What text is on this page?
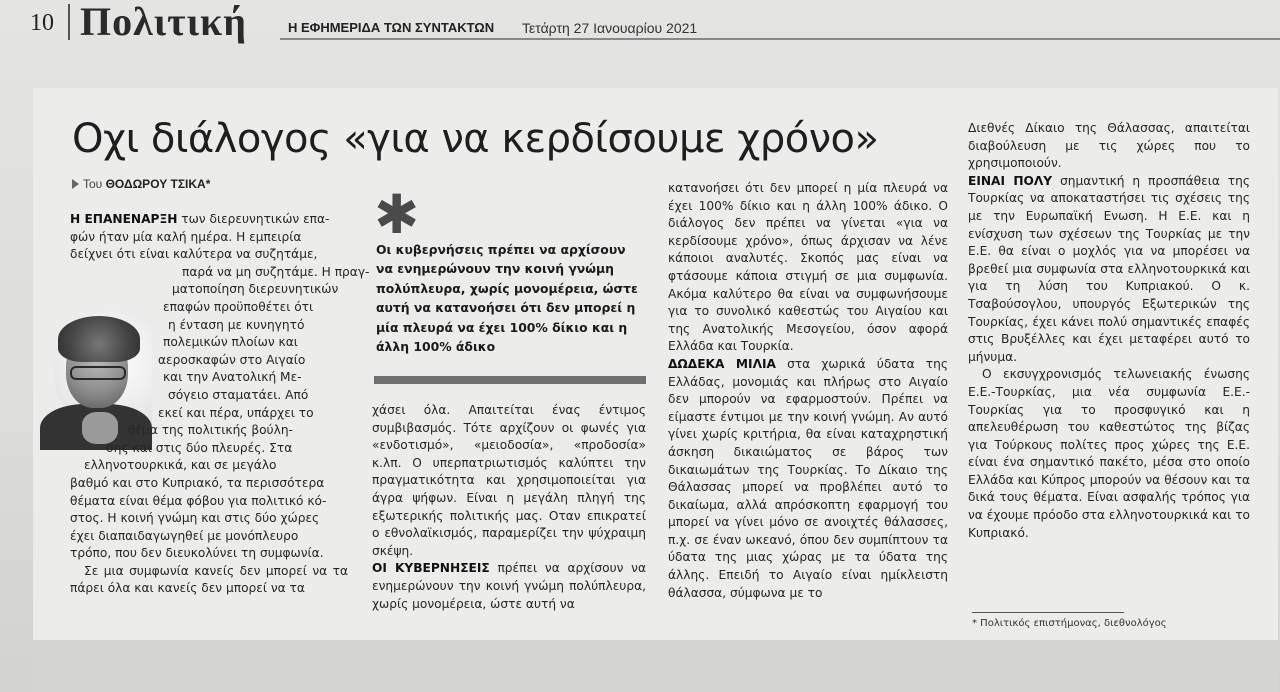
10 Πολιτική	Η ΕΦΗΜΕΡΙΔΑ ΤΩΝ ΣΥΝΤΑΚΤΩΝ Τετάρτη 27 Ιανουαρίου 2021
Οχι διάλογος «για να κερδίσουμε χρόνο»
Του ΘΟΔΩΡΟΥ ΤΣΙΚΑ*

Η ΕΠΑΝΕΝΑΡΞΗ των διερευνητικών επα-
φών ήταν μία καλή ημέρα. Η εμπειρία
δείχνει ότι είναι καλύτερα να συζητάμε,
παρά να μη συζητάμε. Η πραγ-
ματοποίηση διερευνητικών
επαφών προϋποθέτει ότι
η ένταση με κυνηγητό
πολεμικών πλοίων και
αεροσκαφών στο Αιγαίο
και την Ανατολική Με-
σόγειο σταματάει. Από
εκεί και πέρα, υπάρχει το
θέμα της πολιτικής βούλη-
σης και στις δύο πλευρές. Στα
ελληνοτουρκικά, και σε μεγάλο
βαθμό και στο Κυπριακό, τα περισσότερα
θέματα είναι θέμα φόβου για πολιτικό κό-
στος. Η κοινή γνώμη και στις δύο χώρες
έχει διαπαιδαγωγηθεί με μονόπλευρο
τρόπο, που δεν διευκολύνει τη συμφωνία.

Σε μια συμφωνία κανείς δεν μπορεί να τα πάρει όλα και κανείς δεν μπορεί να τα

✱
Οι κυβερνήσεις πρέπει να αρχίσουν να ενημερώνουν την κοινή γνώμη πολύπλευρα, χωρίς μονομέρεια, ώστε αυτή να κατανοήσει ότι δεν μπορεί η μία πλευρά να έχει 100% δίκιο και η άλλη 100% άδικο

χάσει όλα. Απαιτείται ένας έντιμος συμβιβασμός. Τότε αρχίζουν οι φωνές για «ενδοτισμό», «μειοδοσία», «προδοσία» κ.λπ. Ο υπερπατριωτισμός καλύπτει την πραγματικότητα και χρησιμοποιείται για άγρα ψήφων. Είναι η μεγάλη πληγή της εξωτερικής πολιτικής μας. Οταν επικρατεί ο εθνολαϊκισμός, παραμερίζει την ψύχραιμη σκέψη.

ΟΙ ΚΥΒΕΡΝΗΣΕΙΣ πρέπει να αρχίσουν να ενημερώνουν την κοινή γνώμη πολύπλευρα, χωρίς μονομέρεια, ώστε αυτή να

κατανοήσει ότι δεν μπορεί η μία πλευρά να έχει 100% δίκιο και η άλλη 100% άδικο. Ο διάλογος δεν πρέπει να γίνεται «για να κερδίσουμε χρόνο», όπως άρχισαν να λένε κάποιοι αναλυτές. Σκοπός μας είναι να φτάσουμε κάποια στιγμή σε μια συμφωνία. Ακόμα καλύτερο θα είναι να συμφωνήσουμε για το συνολικό καθεστώς του Αιγαίου και της Ανατολικής Μεσογείου, όσον αφορά Ελλάδα και Τουρκία.

ΔΩΔΕΚΑ ΜΙΛΙΑ στα χωρικά ύδατα της Ελλάδας, μονομιάς και πλήρως στο Αιγαίο δεν μπορούν να εφαρμοστούν. Πρέπει να είμαστε έντιμοι με την κοινή γνώμη. Αν αυτό γίνει χωρίς κριτήρια, θα είναι καταχρηστική άσκηση δικαιώματος σε βάρος των δικαιωμάτων της Τουρκίας. Το Δίκαιο της Θάλασσας μπορεί να προβλέπει αυτό το δικαίωμα, αλλά απρόσκοπτη εφαρμογή του μπορεί να γίνει μόνο σε ανοιχτές θάλασσες, π.χ. σε έναν ωκεανό, όπου δεν συμπίπτουν τα ύδατα της μιας χώρας με τα ύδατα της άλλης. Επειδή το Αιγαίο είναι ημίκλειστη θάλασσα, σύμφωνα με το

Διεθνές Δίκαιο της Θάλασσας, απαιτείται διαβούλευση με τις χώρες που το χρησιμοποιούν.

ΕΙΝΑΙ ΠΟΛΥ σημαντική η προσπάθεια της Τουρκίας να αποκαταστήσει τις σχέσεις της με την Ευρωπαϊκή Ενωση. Η Ε.Ε. και η ενίσχυση των σχέσεων της Τουρκίας με την Ε.Ε. θα είναι ο μοχλός για να μπορέσει να βρεθεί μια συμφωνία στα ελληνοτουρκικά και για τη λύση του Κυπριακού. Ο κ. Τσαβούσογλου, υπουργός Εξωτερικών της Τουρκίας, έχει κάνει πολύ σημαντικές επαφές στις Βρυξέλλες και έχει μεταφέρει αυτό το μήνυμα.

Ο εκσυγχρονισμός τελωνειακής ένωσης Ε.Ε.-Τουρκίας, μια νέα συμφωνία Ε.Ε.-Τουρκίας για το προσφυγικό και η απελευθέρωση του καθεστώτος της βίζας για Τούρκους πολίτες προς χώρες της Ε.Ε. είναι ένα σημαντικό πακέτο, μέσα στο οποίο Ελλάδα και Κύπρος μπορούν να θέσουν και τα δικά τους θέματα. Είναι ασφαλής τρόπος για να έχουμε πρόοδο στα ελληνοτουρκικά και το Κυπριακό.

* Πολιτικός επιστήμονας, διεθνολόγος
